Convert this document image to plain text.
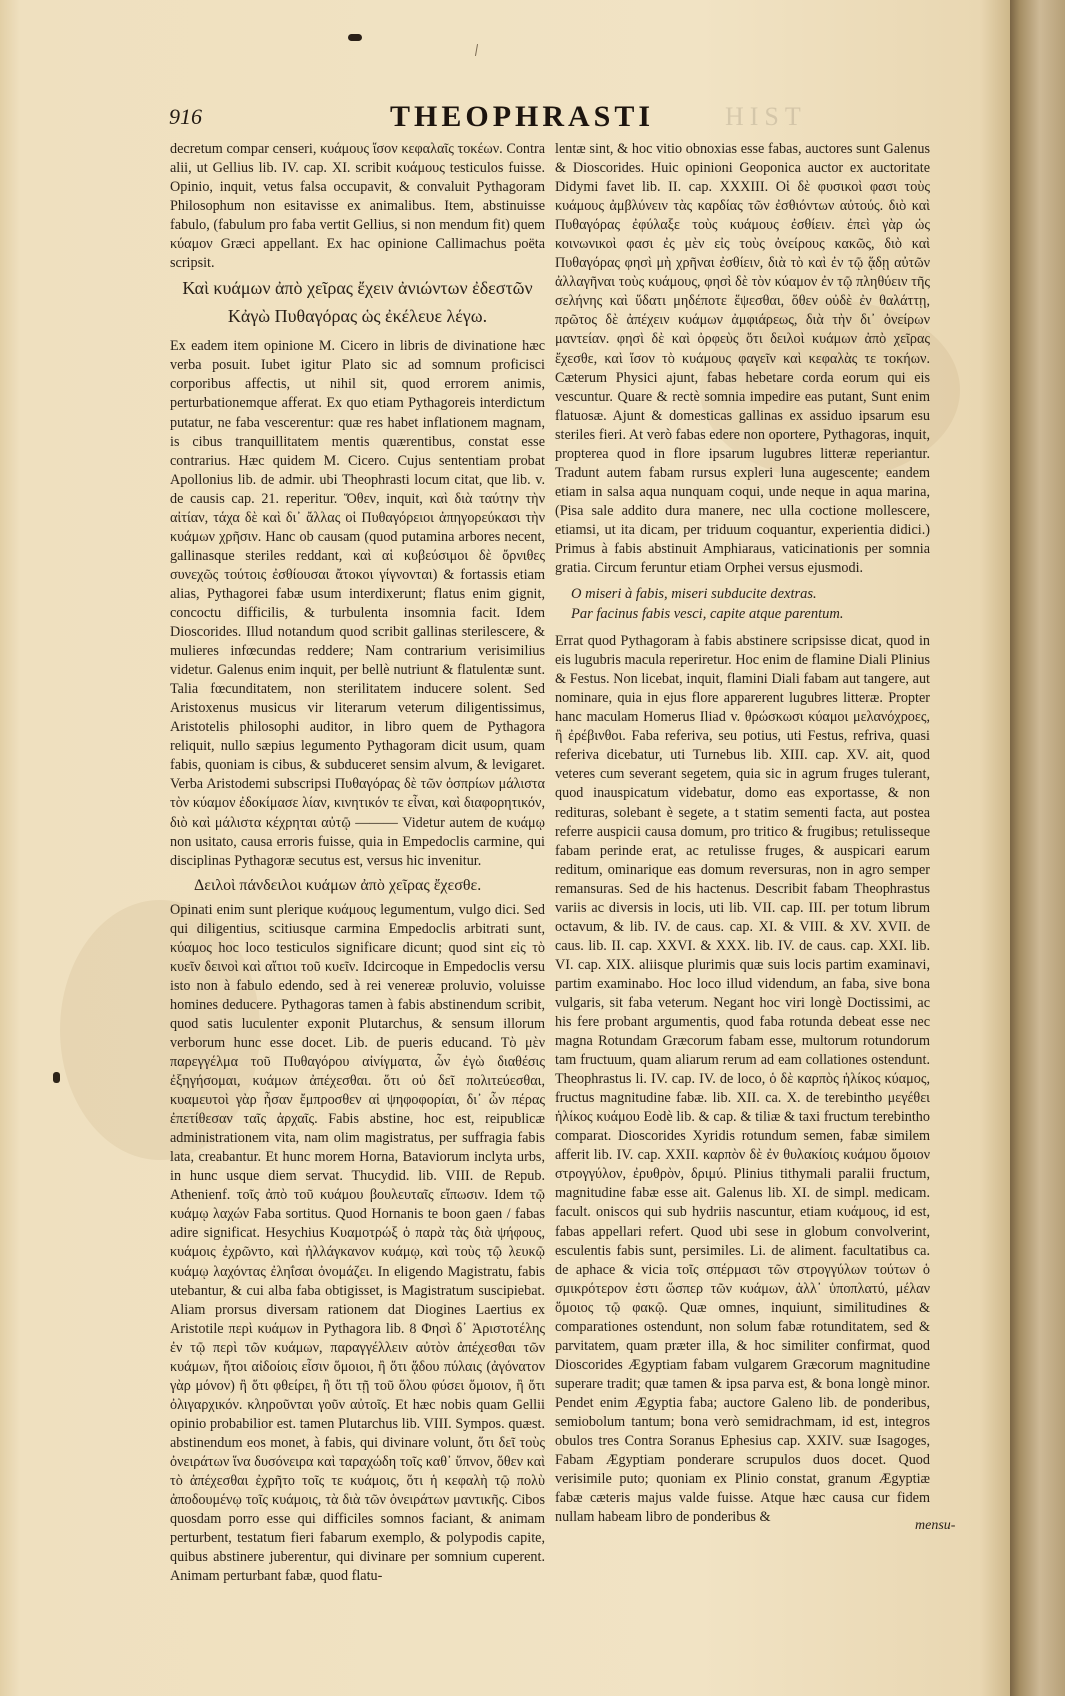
916	THEOPHRASTI	HIST

decretum compar censeri, κυάμους ἴσον κεφαλαῖς τοκέων. Contra alii, ut Gellius lib. IV. cap. XI. scribit κυάμους testiculos fuisse. Opinio, inquit, vetus falsa occupavit, & convaluit Pythagoram Philosophum non esitavisse ex animalibus. Item, abstinuisse fabulo, (fabulum pro faba vertit Gellius, si non mendum fit) quem κύαμον Græci appellant. Ex hac opinione Callimachus poëta scripsit.

Καὶ κυάμων ἀπὸ χεῖρας ἔχειν ἀνιώντων ἐδεστῶν
Κἀγὼ Πυθαγόρας ὡς ἐκέλευε λέγω.

Ex eadem item opinione M. Cicero in libris de divinatione hæc verba posuit. Iubet igitur Plato sic ad somnum proficisci corporibus affectis, ut nihil sit, quod errorem animis, perturbationemque afferat. Ex quo etiam Pythagoreis interdictum putatur, ne faba vescerentur: quæ res habet inflationem magnam, is cibus tranquillitatem mentis quærentibus, constat esse contrarius. Hæc quidem M. Cicero. Cujus sententiam probat Apollonius lib. de admir. ubi Theophrasti locum citat, que lib. v. de causis cap. 21. reperitur. Ὅθεν, inquit, καὶ διὰ ταύτην τὴν αἰτίαν, τάχα δὲ καὶ δι᾽ ἄλλας οἱ Πυθαγόρειοι ἀπηγορεύκασι τὴν κυάμων χρῆσιν. Hanc ob causam (quod putamina arbores necent, gallinasque steriles reddant, καὶ αἱ κυβεύσιμοι δὲ ὄρνιθες συνεχῶς τούτοις ἐσθίουσαι ἄτοκοι γίγνονται) & fortassis etiam alias, Pythagorei fabæ usum interdixerunt; flatus enim gignit, concoctu difficilis, & turbulenta insomnia facit. Idem Dioscorides. Illud notandum quod scribit gallinas sterilescere, & mulieres infœcundas reddere; Nam contrarium verisimilius videtur. Galenus enim inquit, per bellè nutriunt & flatulentæ sunt. Talia fœcunditatem, non sterilitatem inducere solent. Sed Aristoxenus musicus vir literarum veterum diligentissimus, Aristotelis philosophi auditor, in libro quem de Pythagora reliquit, nullo sæpius legumento Pythagoram dicit usum, quam fabis, quoniam is cibus, & subduceret sensim alvum, & levigaret. Verba Aristodemi subscripsi Πυθαγόρας δὲ τῶν ὀσπρίων μάλιστα τὸν κύαμον ἐδοκίμασε λίαν, κινητικόν τε εἶναι, καὶ διαφορητικόν, διὸ καὶ μάλιστα κέχρηται αὐτῷ ——— Videtur autem de κυάμῳ non usitato, causa erroris fuisse, quia in Empedoclis carmine, qui disciplinas Pythagoræ secutus est, versus hic invenitur.

Δειλοὶ πάνδειλοι κυάμων ἀπὸ χεῖρας ἔχεσθε.

Opinati enim sunt plerique κυάμους legumentum, vulgo dici. Sed qui diligentius, scitiusque carmina Empedoclis arbitrati sunt, κύαμος hoc loco testiculos significare dicunt; quod sint εἰς τὸ κυεῖν δεινοὶ καὶ αἴτιοι τοῦ κυεῖν. Idcircoque in Empedoclis versu isto non à fabulo edendo, sed à rei venereæ proluvio, voluisse homines deducere. Pythagoras tamen à fabis abstinendum scribit, quod satis luculenter exponit Plutarchus, & sensum illorum verborum hunc esse docet. Lib. de pueris educand. Τὸ μὲν παρεγγέλμα τοῦ Πυθαγόρου αἰνίγματα, ὧν ἐγὼ διαθέσις ἐξηγήσομαι, κυάμων ἀπέχεσθαι. ὅτι οὐ δεῖ πολιτεύεσθαι, κυαμευτοὶ γὰρ ἦσαν ἔμπροσθεν αἱ ψηφοφορίαι, δι᾽ ὧν πέρας ἐπετίθεσαν ταῖς ἀρχαῖς. Fabis abstine, hoc est, reipublicæ administrationem vita, nam olim magistratus, per suffragia fabis lata, creabantur. Et hunc morem Horna, Bataviorum inclyta urbs, in hunc usque diem servat. Thucydid. lib. VIII. de Repub. Athenienf. τοῖς ἀπὸ τοῦ κυάμου βουλευταῖς εἴπωσιν. Idem τῷ κυάμῳ λαχών Faba sortitus. Quod Hornanis te boon gaen / fabas adire significat. Hesychius Κυαμοτρώξ ὁ παρὰ τὰς διὰ ψήφους, κυάμοις ἐχρῶντο, καὶ ἠλλάγκανον κυάμῳ, καὶ τοὺς τῷ λευκῷ κυάμῳ λαχόντας ἐληΐσαι ὀνομάζει. In eligendo Magistratu, fabis utebantur, & cui alba faba obtigisset, is Magistratum suscipiebat. Aliam prorsus diversam rationem dat Diogines Laertius ex Aristotile περὶ κυάμων in Pythagora lib. 8 Φησὶ δ᾽ Ἀριστοτέλης ἐν τῷ περὶ τῶν κυάμων, παραγγέλλειν αὐτὸν ἀπέχεσθαι τῶν κυάμων, ἤτοι αἰδοίοις εἶσιν ὅμοιοι, ἢ ὅτι ᾅδου πύλαις (ἀγόνατον γὰρ μόνον) ἢ ὅτι φθείρει, ἢ ὅτι τῇ τοῦ ὅλου φύσει ὅμοιον, ἢ ὅτι ὀλιγαρχικόν. κληροῦνται γοῦν αὐτοῖς. Et hæc nobis quam Gellii opinio probabilior est. tamen Plutarchus lib. VIII. Sympos. quæst. abstinendum eos monet, à fabis, qui divinare volunt, ὅτι δεῖ τοὺς ὀνειράτων ἵνα δυσόνειρα καὶ ταραχώδη τοῖς καθ᾽ ὕπνον, ὅθεν καὶ τὸ ἀπέχεσθαι ἐχρῆτο τοῖς τε κυάμοις, ὅτι ἡ κεφαλὴ τῷ πολὺ ἀποδουμένῳ τοῖς κυάμοις, τὰ διὰ τῶν ὀνειράτων μαντικῆς. Cibos quosdam porro esse qui difficiles somnos faciant, & animam perturbent, testatum fieri fabarum exemplo, & polypodis capite, quibus abstinere juberentur, qui divinare per somnium cuperent. Animam perturbant fabæ, quod flatu-

lentæ sint, & hoc vitio obnoxias esse fabas, auctores sunt Galenus & Dioscorides. Huic opinioni Geoponica auctor ex auctoritate Didymi favet lib. II. cap. XXXIII. Οἱ δὲ φυσικοὶ φασι τοὺς κυάμους ἀμβλύνειν τὰς καρδίας τῶν ἐσθιόντων αὐτούς. διὸ καὶ Πυθαγόρας ἐφύλαξε τοὺς κυάμους ἐσθίειν. ἐπεὶ γὰρ ὡς κοινωνικοὶ φασι ἐς μὲν εἰς τοὺς ὀνείρους κακῶς, διὸ καὶ Πυθαγόρας φησὶ μὴ χρῆναι ἐσθίειν, διὰ τὸ καὶ ἐν τῷ ᾅδῃ αὐτῶν ἀλλαγῆναι τοὺς κυάμους, φησὶ δὲ τὸν κύαμον ἐν τῷ πληθύειν τῆς σελήνης καὶ ὕδατι μηδέποτε ἕψεσθαι, ὅθεν οὐδὲ ἐν θαλάττῃ, πρῶτος δὲ ἀπέχειν κυάμων ἀμφιάρεως, διὰ τὴν δι᾽ ὀνείρων μαντείαν. φησὶ δὲ καὶ ὀρφεὺς ὅτι δειλοὶ κυάμων ἀπὸ χεῖρας ἔχεσθε, καὶ ἴσον τὸ κυάμους φαγεῖν καὶ κεφαλὰς τε τοκήων. Cæterum Physici ajunt, fabas hebetare corda eorum qui eis vescuntur. Quare & rectè somnia impedire eas putant, Sunt enim flatuosæ. Ajunt & domesticas gallinas ex assiduo ipsarum esu steriles fieri. At verò fabas edere non oportere, Pythagoras, inquit, propterea quod in flore ipsarum lugubres litteræ reperiantur. Tradunt autem fabam rursus expleri luna augescente; eandem etiam in salsa aqua nunquam coqui, unde neque in aqua marina, (Pisa sale addito dura manere, nec ulla coctione mollescere, etiamsi, ut ita dicam, per triduum coquantur, experientia didici.) Primus à fabis abstinuit Amphiaraus, vaticinationis per somnia gratia. Circum feruntur etiam Orphei versus ejusmodi.

O miseri à fabis, miseri subducite dextras.
Par facinus fabis vesci, capite atque parentum.

Errat quod Pythagoram à fabis abstinere scripsisse dicat, quod in eis lugubris macula reperiretur. Hoc enim de flamine Diali Plinius & Festus. Non licebat, inquit, flamini Diali fabam aut tangere, aut nominare, quia in ejus flore apparerent lugubres litteræ. Propter hanc maculam Homerus Iliad v. θρώσκωσι κύαμοι μελανόχροες, ἢ ἐρέβινθοι. Faba referiva, seu potius, uti Festus, refriva, quasi referiva dicebatur, uti Turnebus lib. XIII. cap. XV. ait, quod veteres cum severant segetem, quia sic in agrum fruges tulerant, quod inauspicatum videbatur, domo eas exportasse, & non redituras, solebant è segete, a t statim sementi facta, aut postea referre auspicii causa domum, pro tritico & frugibus; retulisseque fabam perinde erat, ac retulisse fruges, & auspicari earum reditum, ominarique eas domum reversuras, non in agro semper remansuras. Sed de his hactenus. Describit fabam Theophrastus variis ac diversis in locis, uti lib. VII. cap. III. per totum librum octavum, & lib. IV. de caus. cap. XI. & VIII. & XV. XVII. de caus. lib. II. cap. XXVI. & XXX. lib. IV. de caus. cap. XXI. lib. VI. cap. XIX. aliisque plurimis quæ suis locis partim examinavi, partim examinabo. Hoc loco illud videndum, an faba, sive bona vulgaris, sit faba veterum. Negant hoc viri longè Doctissimi, ac his fere probant argumentis, quod faba rotunda debeat esse nec magna Rotundam Græcorum fabam esse, multorum rotundorum tam fructuum, quam aliarum rerum ad eam collationes ostendunt. Theophrastus li. IV. cap. IV. de loco, ὁ δὲ καρπὸς ἡλίκος κύαμος, fructus magnitudine fabæ. lib. XII. ca. X. de terebintho μεγέθει ἡλίκος κυάμου Eodè lib. & cap. & tiliæ & taxi fructum terebintho comparat. Dioscorides Xyridis rotundum semen, fabæ similem afferit lib. IV. cap. XXII. καρπὸν δὲ ἐν θυλακίοις κυάμου ὅμοιον στρογγύλον, ἐρυθρὸν, δριμύ. Plinius tithymali paralii fructum, magnitudine fabæ esse ait. Galenus lib. XI. de simpl. medicam. facult. oniscos qui sub hydriis nascuntur, etiam κυάμους, id est, fabas appellari refert. Quod ubi sese in globum convolverint, esculentis fabis sunt, persimiles. Li. de aliment. facultatibus ca. de aphace & vicia τοῖς σπέρμασι τῶν στρογγύλων τούτων ὁ σμικρότερον ἐστι ὥσπερ τῶν κυάμων, ἀλλ᾽ ὑποπλατύ, μέλαν ὅμοιος τῷ φακῷ. Quæ omnes, inquiunt, similitudines & comparationes ostendunt, non solum fabæ rotunditatem, sed & parvitatem, quam præter illa, & hoc similiter confirmat, quod Dioscorides Ægyptiam fabam vulgarem Græcorum magnitudine superare tradit; quæ tamen & ipsa parva est, & bona longè minor. Pendet enim Ægyptia faba; auctore Galeno lib. de ponderibus, semiobolum tantum; bona verò semidrachmam, id est, integros obulos tres Contra Soranus Ephesius cap. XXIV. suæ Isagoges, Fabam Ægyptiam ponderare scrupulos duos docet. Quod verisimile puto; quoniam ex Plinio constat, granum Ægyptiæ fabæ cæteris majus valde fuisse. Atque hæc causa cur fidem nullam habeam libro de ponderibus &

mensu-
